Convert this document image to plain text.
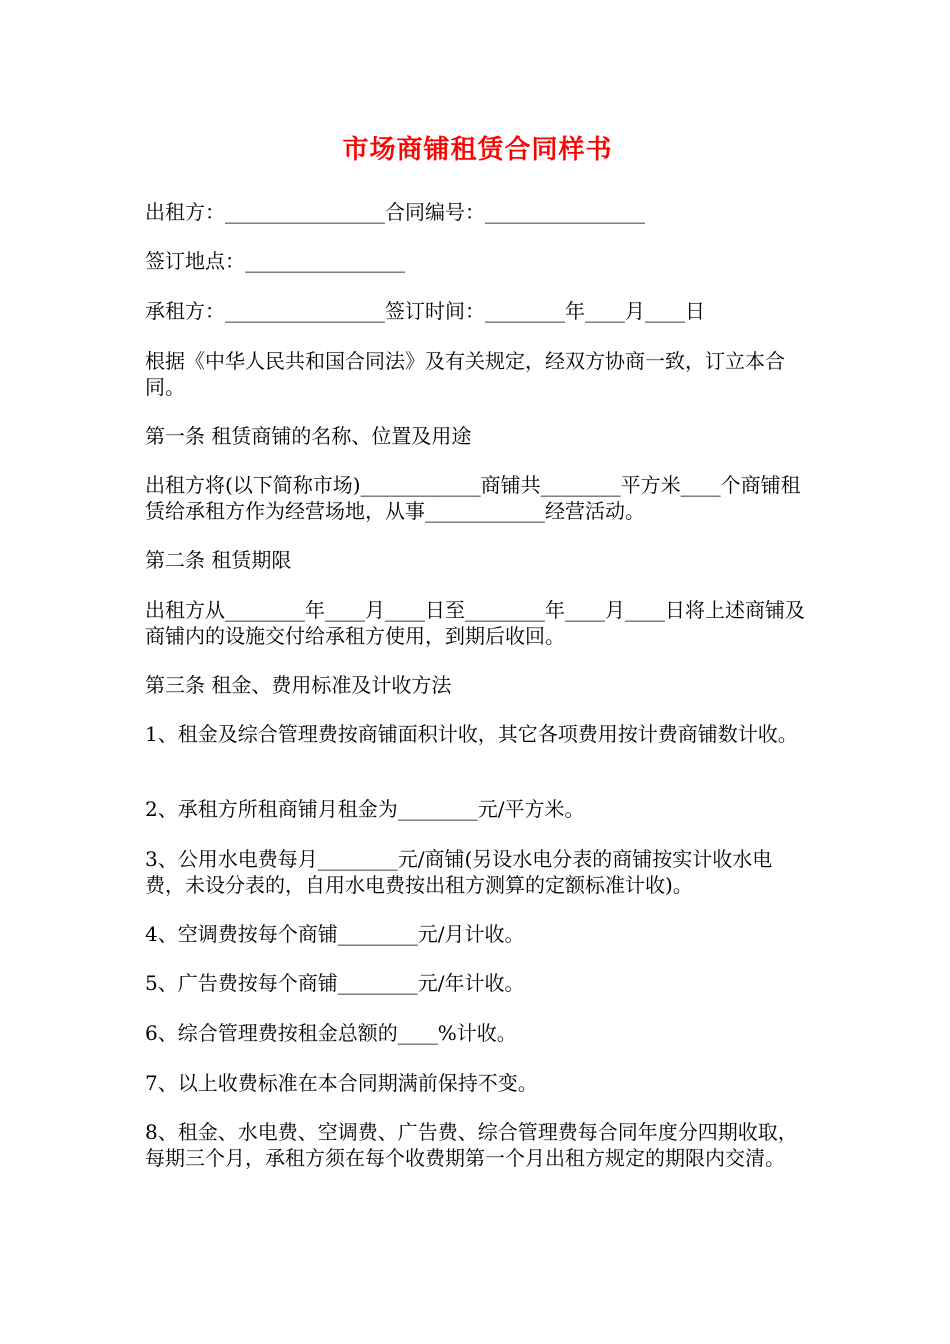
市场商铺租赁合同样书
出租方：________________合同编号：________________
签订地点：________________
承租方：________________签订时间：________年____月____日
根据《中华人民共和国合同法》及有关规定，经双方协商一致，订立本合同。
第一条 租赁商铺的名称、位置及用途
出租方将(以下简称市场)____________商铺共________平方米____个商铺租赁给承租方作为经营场地，从事____________经营活动。
第二条 租赁期限
出租方从________年____月____日至________年____月____日将上述商铺及商铺内的设施交付给承租方使用，到期后收回。
第三条 租金、费用标准及计收方法
1、租金及综合管理费按商铺面积计收，其它各项费用按计费商铺数计收。
2、承租方所租商铺月租金为________元/平方米。
3、公用水电费每月________元/商铺(另设水电分表的商铺按实计收水电费，未设分表的，自用水电费按出租方测算的定额标准计收)。
4、空调费按每个商铺________元/月计收。
5、广告费按每个商铺________元/年计收。
6、综合管理费按租金总额的____%计收。
7、以上收费标准在本合同期满前保持不变。
8、租金、水电费、空调费、广告费、综合管理费每合同年度分四期收取，每期三个月，承租方须在每个收费期第一个月出租方规定的期限内交清。
